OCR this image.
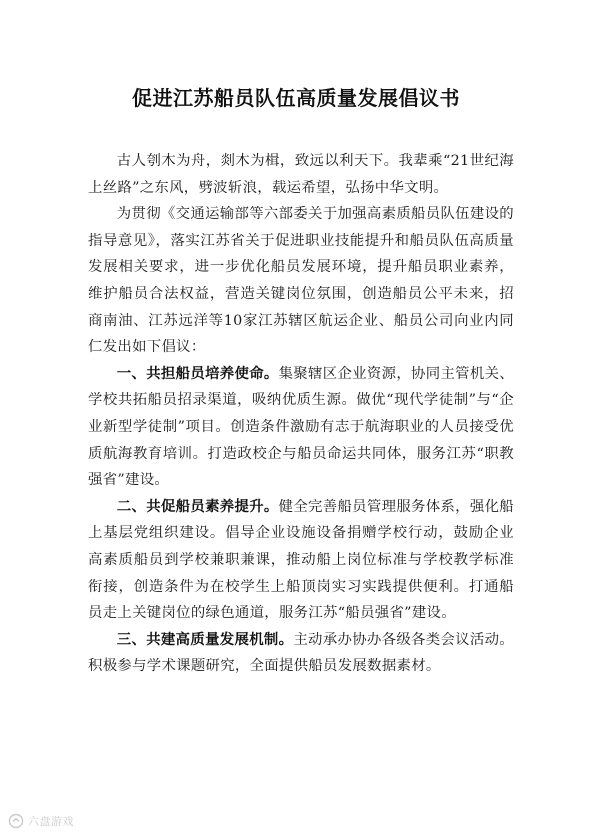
促进江苏船员队伍高质量发展倡议书

古人刳木为舟，剡木为楫，致远以利天下。我辈乘“21世纪海上丝路”之东风，劈波斩浪，载运希望，弘扬中华文明。

为贯彻《交通运输部等六部委关于加强高素质船员队伍建设的指导意见》，落实江苏省关于促进职业技能提升和船员队伍高质量发展相关要求，进一步优化船员发展环境，提升船员职业素养，维护船员合法权益，营造关键岗位氛围，创造船员公平未来，招商南油、江苏远洋等10家江苏辖区航运企业、船员公司向业内同仁发出如下倡议：

一、共担船员培养使命。集聚辖区企业资源，协同主管机关、学校共拓船员招录渠道，吸纳优质生源。做优“现代学徒制”与“企业新型学徒制”项目。创造条件激励有志于航海职业的人员接受优质航海教育培训。打造政校企与船员命运共同体，服务江苏“职教强省”建设。

二、共促船员素养提升。健全完善船员管理服务体系，强化船上基层党组织建设。倡导企业设施设备捐赠学校行动，鼓励企业高素质船员到学校兼职兼课，推动船上岗位标准与学校教学标准衔接，创造条件为在校学生上船顶岗实习实践提供便利。打通船员走上关键岗位的绿色通道，服务江苏“船员强省”建设。

三、共建高质量发展机制。主动承办协办各级各类会议活动。积极参与学术课题研究，全面提供船员发展数据素材。

六盘游戏
